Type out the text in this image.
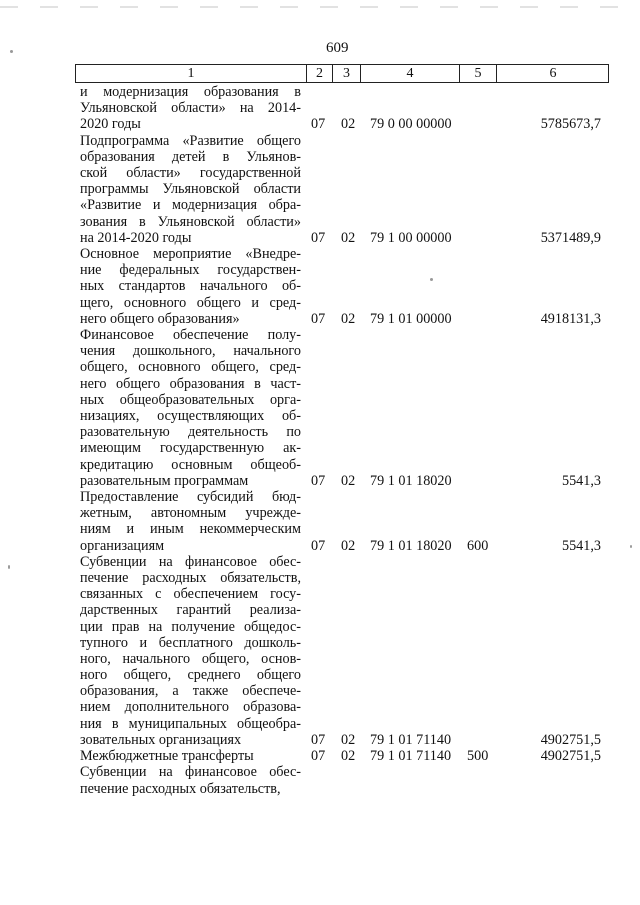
609
1	2	3	4	5	6
и модернизация образования в
Ульяновской области» на 2014-
2020 годы	07 02 79 0 00 00000	5785673,7
Подпрограмма «Развитие общего
образования детей в Ульянов-
ской области» государственной
программы Ульяновской области
«Развитие и модернизация обра-
зования в Ульяновской области»
на 2014-2020 годы	07 02 79 1 00 00000	5371489,9
Основное мероприятие «Внедре-
ние федеральных государствен-
ных стандартов начального об-
щего, основного общего и сред-
него общего образования»	07 02 79 1 01 00000	4918131,3
Финансовое обеспечение полу-
чения дошкольного, начального
общего, основного общего, сред-
него общего образования в част-
ных общеобразовательных орга-
низациях, осуществляющих об-
разовательную деятельность по
имеющим государственную ак-
кредитацию основным общеоб-
разовательным программам	07 02 79 1 01 18020	5541,3
Предоставление субсидий бюд-
жетным, автономным учрежде-
ниям и иным некоммерческим
организациям	07 02 79 1 01 18020 600	5541,3
Субвенции на финансовое обес-
печение расходных обязательств,
связанных с обеспечением госу-
дарственных гарантий реализа-
ции прав на получение общедос-
тупного и бесплатного дошколь-
ного, начального общего, основ-
ного общего, среднего общего
образования, а также обеспече-
нием дополнительного образова-
ния в муниципальных общеобра-
зовательных организациях	07 02 79 1 01 71140	4902751,5
Межбюджетные трансферты	07 02 79 1 01 71140 500	4902751,5
Субвенции на финансовое обес-
печение расходных обязательств,
